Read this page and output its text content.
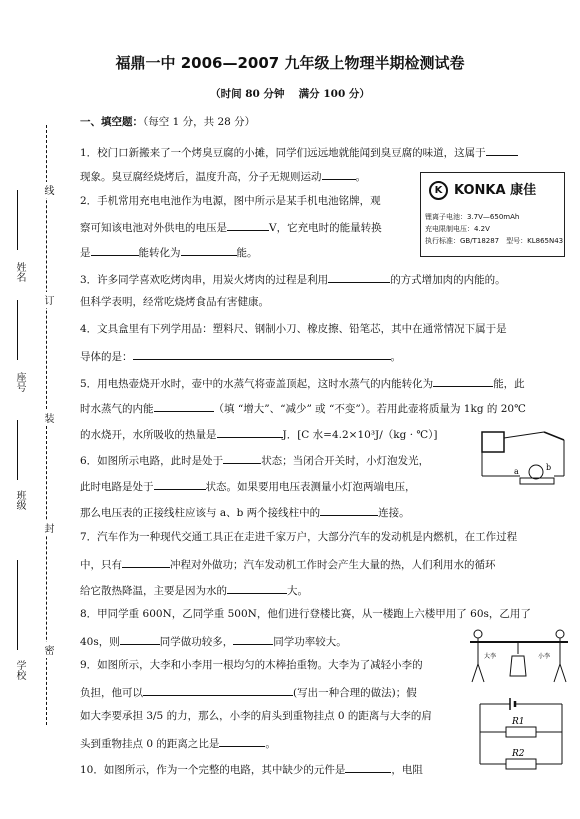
福鼎一中 2006—2007 九年级上物理半期检测试卷
（时间 80 分钟　 满分 100 分）
线
订
装
封
密
姓名
座号
班级
学校
一、填空题：（每空 1 分，共 28 分）
1．校门口新搬来了一个烤臭豆腐的小摊，同学们远远地就能闻到臭豆腐的味道，这属于
现象。臭豆腐经烧烤后，温度升高，分子无规则运动	。
2．手机常用充电电池作为电源，图中所示是某手机电池铭牌，观
察可知该电池对外供电的电压是	V，它充电时的能量转换
是	能转化为	能。
K KONKA 康佳
锂离子电池：3.7V—650mAh
充电限制电压：4.2V
执行标准：GB/T18287　型号：KL865N43
3．许多同学喜欢吃烤肉串，用炭火烤肉的过程是利用	的方式增加肉的内能的。
但科学表明，经常吃烧烤食品有害健康。
4．文具盒里有下列学用品：塑料尺、钢制小刀、橡皮擦、铅笔芯，其中在通常情况下属于是
导体的是：	。
5．用电热壶烧开水时，壶中的水蒸气将壶盖顶起，这时水蒸气的内能转化为	能，此
时水蒸气的内能	（填 “增大”、“减少” 或 “不变”）。若用此壶将质量为 1kg 的 20℃
的水烧开，水所吸收的热量是	J．[C 水=4.2×10³J/（kg · ℃）]
a	b
6．如图所示电路，此时是处于	状态；当闭合开关时，小灯泡发光，
此时电路是处于	状态。如果要用电压表测量小灯泡两端电压，
那么电压表的正接线柱应该与 a、b 两个接线柱中的	连接。
7．汽车作为一种现代交通工具正在走进千家万户，大部分汽车的发动机是内燃机，在工作过程
中，只有	冲程对外做功；汽车发动机工作时会产生大量的热，人们利用水的循环
给它散热降温，主要是因为水的	大。
8．甲同学重 600N，乙同学重 500N，他们进行登楼比赛，从一楼跑上六楼甲用了 60s，乙用了
40s，则	同学做功较多，	同学功率较大。
大李	小李
9．如图所示，大李和小李用一根均匀的木棒抬重物。大李为了减轻小李的
负担，他可以	(写出一种合理的做法)；假
如大李要承担 3/5 的力，那么，小李的肩头到重物挂点 0 的距离与大李的肩
头到重物挂点 0 的距离之比是	。
R1
R2
10．如图所示，作为一个完整的电路，其中缺少的元件是	，电阻
